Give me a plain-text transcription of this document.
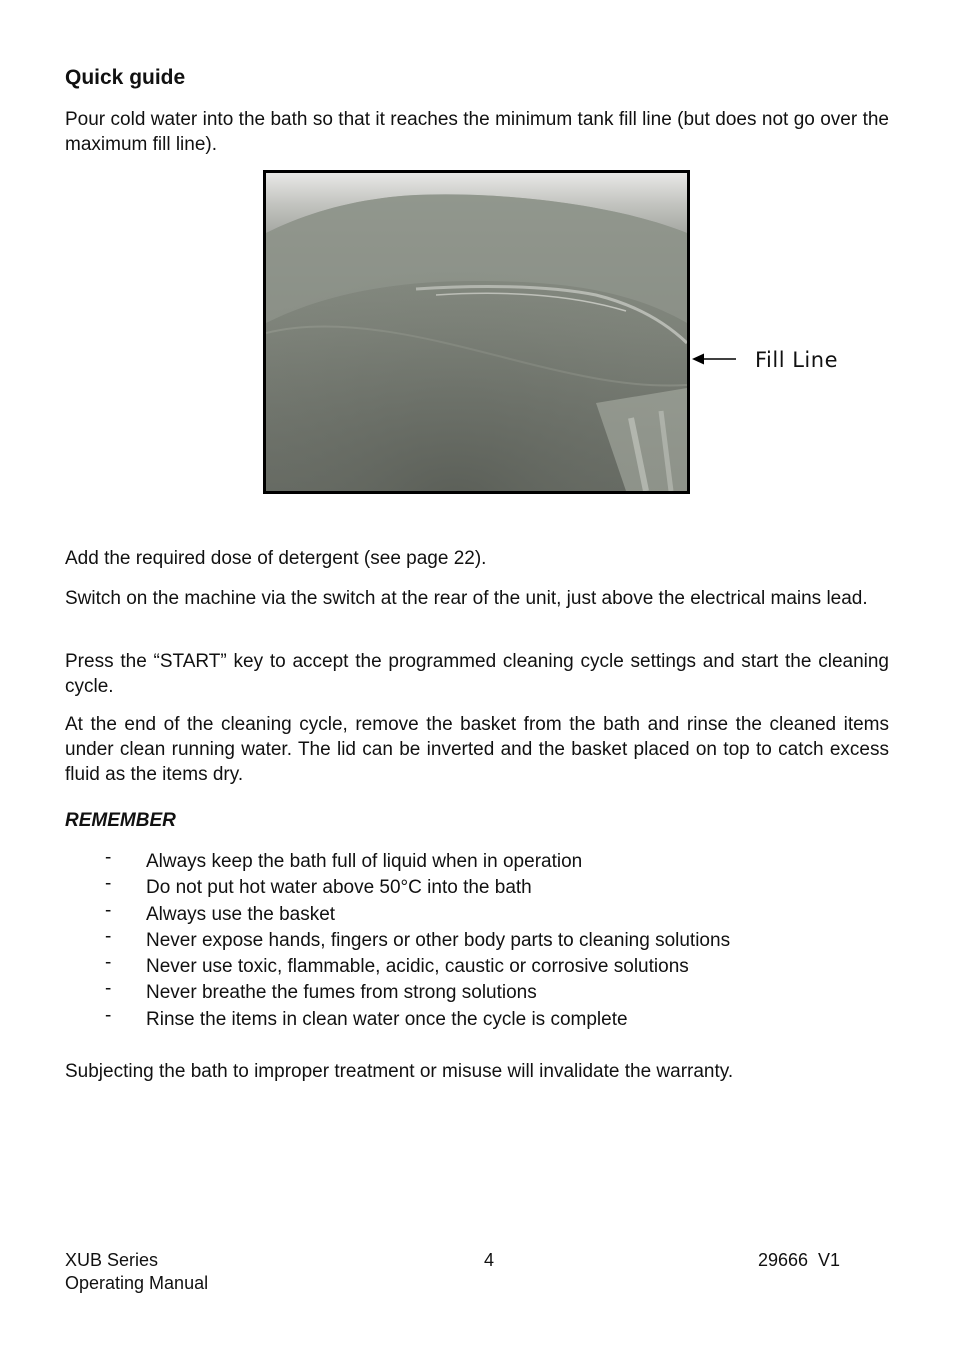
Quick guide

Pour cold water into the bath so that it reaches the minimum tank fill line (but does not go over the maximum fill line).

Fill Line

Add the required dose of detergent (see page 22).

Switch on the machine via the switch at the rear of the unit, just above the electrical mains lead.

Press the “START” key to accept the programmed cleaning cycle settings and start the cleaning cycle.

At the end of the cleaning cycle, remove the basket from the bath and rinse the cleaned items under clean running water. The lid can be inverted and the basket placed on top to catch excess fluid as the items dry.

REMEMBER
- Always keep the bath full of liquid when in operation
- Do not put hot water above 50°C into the bath
- Always use the basket
- Never expose hands, fingers or other body parts to cleaning solutions
- Never use toxic, flammable, acidic, caustic or corrosive solutions
- Never breathe the fumes from strong solutions
- Rinse the items in clean water once the cycle is complete

Subjecting the bath to improper treatment or misuse will invalidate the warranty.

XUB Series
Operating Manual
4	29666  V1
